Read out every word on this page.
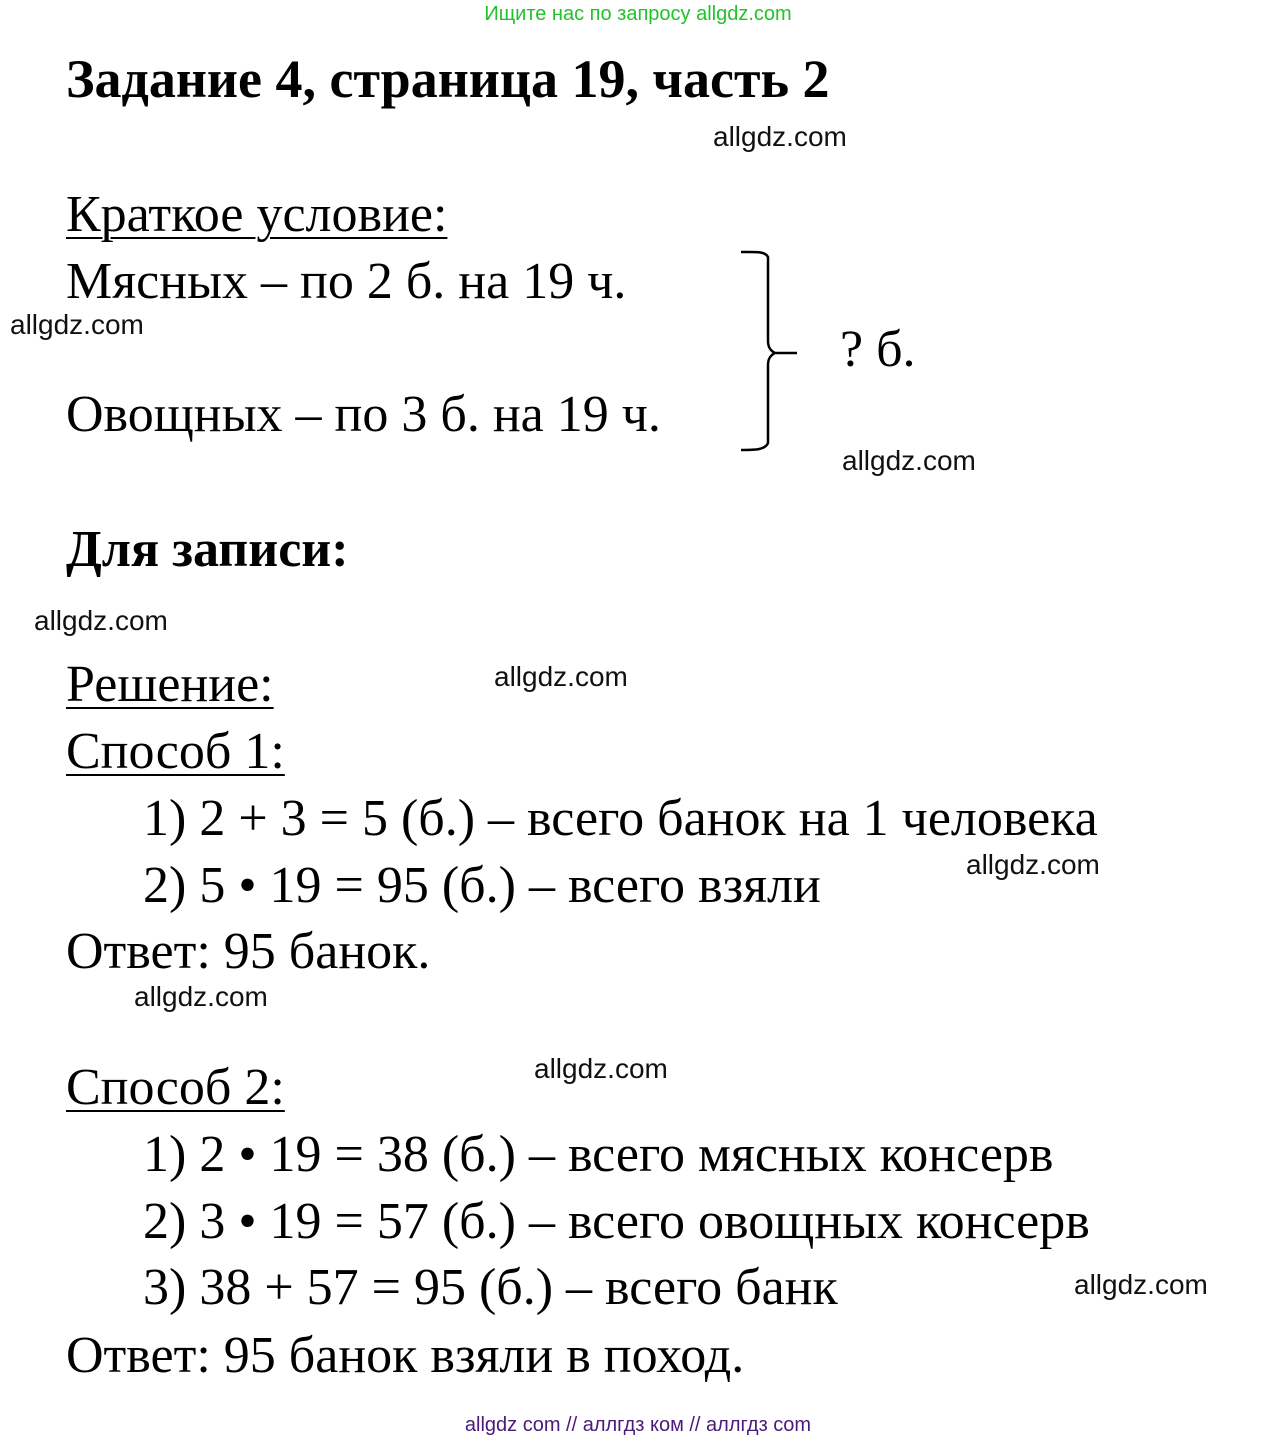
Ищите нас по запросу allgdz.com
Задание 4, страница 19, часть 2
allgdz.com
Краткое условие:
Мясных – по 2 б. на 19 ч.
allgdz.com
Овощных – по 3 б. на 19 ч.
? б.
allgdz.com
Для записи:
allgdz.com
Решение:	allgdz.com
Способ 1:
1) 2 + 3 = 5 (б.) – всего банок на 1 человека
2) 5 • 19 = 95 (б.) – всего взяли	allgdz.com
Ответ: 95 банок.
allgdz.com
allgdz.com
Способ 2:
1) 2 • 19 = 38 (б.) – всего мясных консерв
2) 3 • 19 = 57 (б.) – всего овощных консерв
3) 38 + 57 = 95 (б.) – всего банк	allgdz.com
Ответ: 95 банок взяли в поход.
allgdz com // аллгдз ком // аллгдз com
